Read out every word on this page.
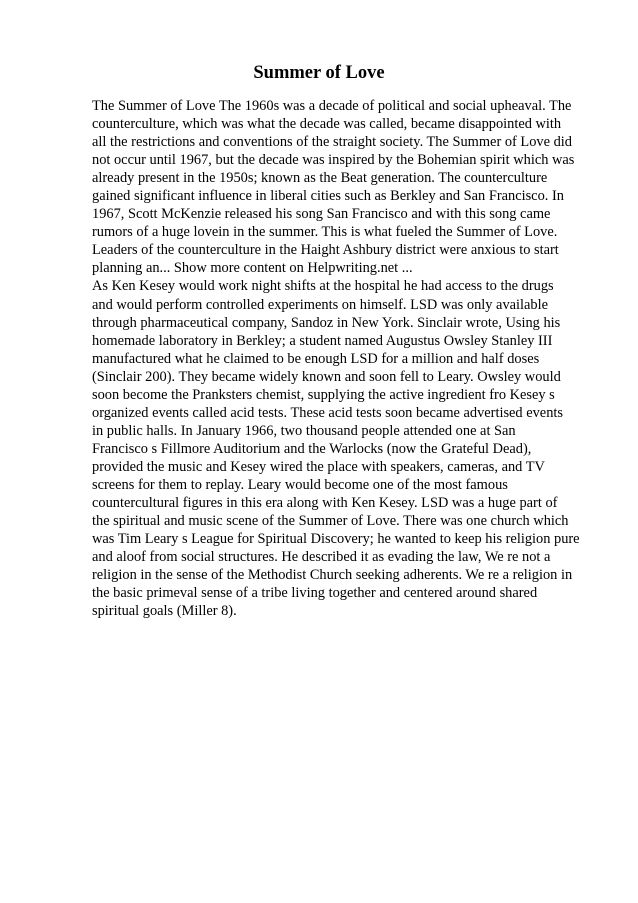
Summer of Love

The Summer of Love The 1960s was a decade of political and social upheaval. The
counterculture, which was what the decade was called, became disappointed with
all the restrictions and conventions of the straight society. The Summer of Love did
not occur until 1967, but the decade was inspired by the Bohemian spirit which was
already present in the 1950s; known as the Beat generation. The counterculture
gained significant influence in liberal cities such as Berkley and San Francisco. In
1967, Scott McKenzie released his song San Francisco and with this song came
rumors of a huge lovein in the summer. This is what fueled the Summer of Love.
Leaders of the counterculture in the Haight Ashbury district were anxious to start
planning an... Show more content on Helpwriting.net ...

As Ken Kesey would work night shifts at the hospital he had access to the drugs
and would perform controlled experiments on himself. LSD was only available
through pharmaceutical company, Sandoz in New York. Sinclair wrote, Using his
homemade laboratory in Berkley; a student named Augustus Owsley Stanley III
manufactured what he claimed to be enough LSD for a million and half doses
(Sinclair 200). They became widely known and soon fell to Leary. Owsley would
soon become the Pranksters chemist, supplying the active ingredient fro Kesey s
organized events called acid tests. These acid tests soon became advertised events
in public halls. In January 1966, two thousand people attended one at San
Francisco s Fillmore Auditorium and the Warlocks (now the Grateful Dead),
provided the music and Kesey wired the place with speakers, cameras, and TV
screens for them to replay. Leary would become one of the most famous
countercultural figures in this era along with Ken Kesey. LSD was a huge part of
the spiritual and music scene of the Summer of Love. There was one church which
was Tim Leary s League for Spiritual Discovery; he wanted to keep his religion pure
and aloof from social structures. He described it as evading the law, We re not a
religion in the sense of the Methodist Church seeking adherents. We re a religion in
the basic primeval sense of a tribe living together and centered around shared
spiritual goals (Miller 8).
